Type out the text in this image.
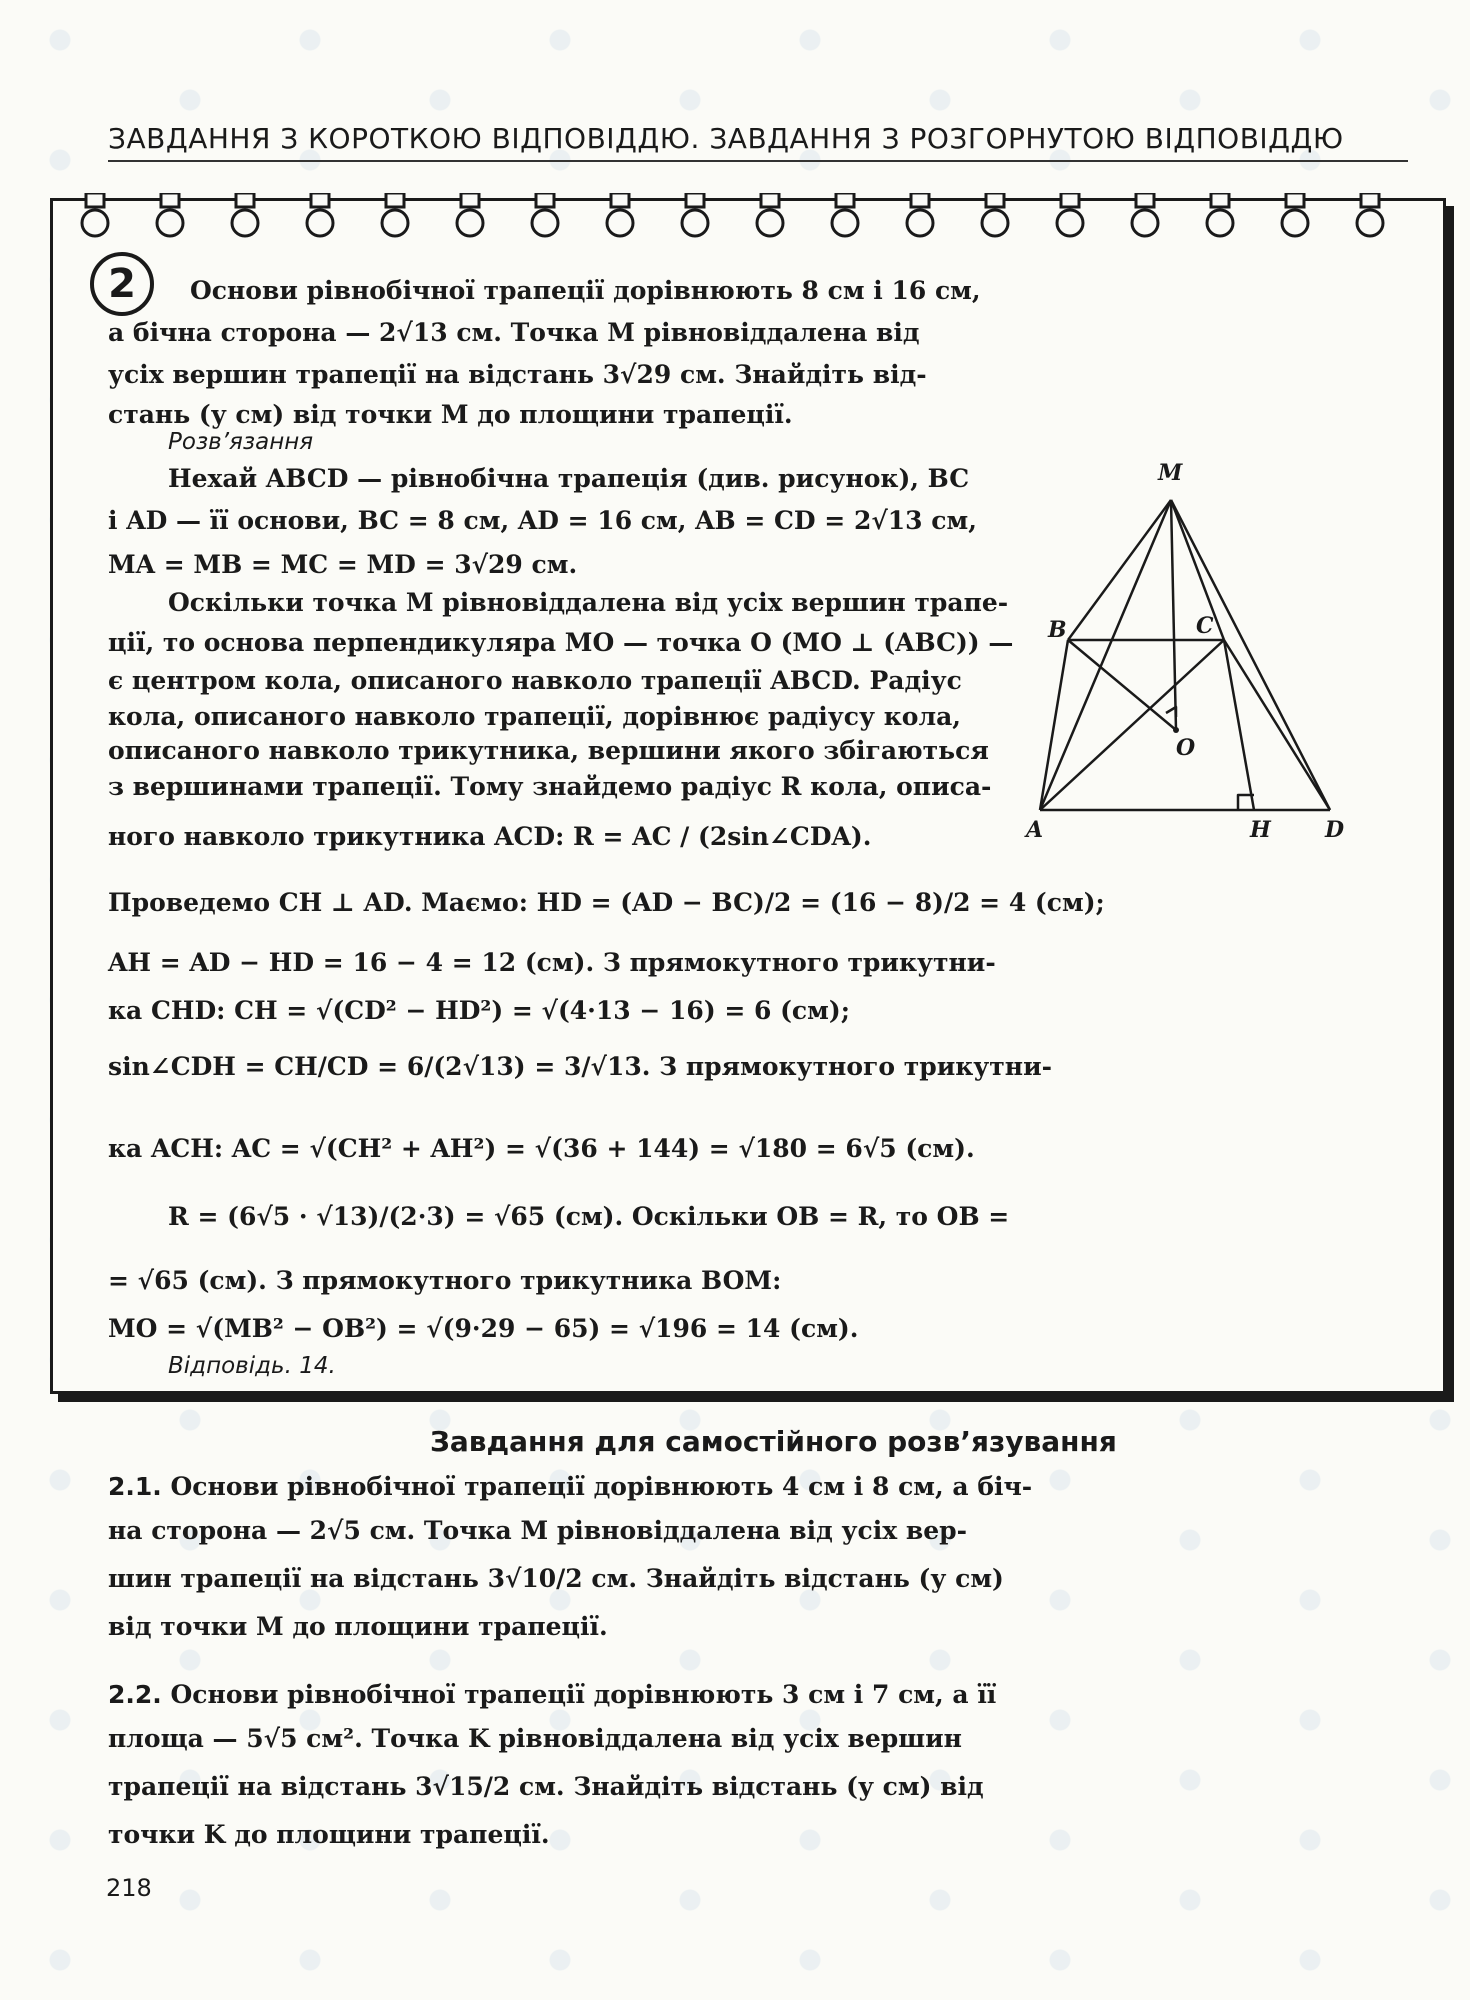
ЗАВДАННЯ З КОРОТКОЮ ВІДПОВІДДЮ. ЗАВДАННЯ З РОЗГОРНУТОЮ ВІДПОВІДДЮ
2	Основи рівнобічної трапеції дорівнюють 8 см і 16 см,
а бічна сторона — 2√13 см. Точка M рівновіддалена від
усіх вершин трапеції на відстань 3√29 см. Знайдіть від-
стань (у см) від точки M до площини трапеції.
Розв’язання
Нехай ABCD — рівнобічна трапеція (див. рисунок), BC
і AD — її основи, BC = 8 см, AD = 16 см, AB = CD = 2√13 см,
MA = MB = MC = MD = 3√29 см.
Оскільки точка M рівновіддалена від усіх вершин трапе-
ції, то основа перпендикуляра MO — точка O (MO ⊥ (ABC)) —
є центром кола, описаного навколо трапеції ABCD. Радіус
кола, описаного навколо трапеції, дорівнює радіусу кола,
описаного навколо трикутника, вершини якого збігаються
з вершинами трапеції. Тому знайдемо радіус R кола, описа-
ного навколо трикутника ACD: R = AC / (2sin∠CDA).
Проведемо CH ⊥ AD. Маємо: HD = (AD − BC)/2 = (16 − 8)/2 = 4 (см);
AH = AD − HD = 16 − 4 = 12 (см). З прямокутного трикутни-
ка CHD: CH = √(CD² − HD²) = √(4·13 − 16) = 6 (см);
sin∠CDH = CH/CD = 6/(2√13) = 3/√13. З прямокутного трикутни-
ка ACH: AC = √(CH² + AH²) = √(36 + 144) = √180 = 6√5 (см).
R = (6√5 · √13)/(2·3) = √65 (см). Оскільки OB = R, то OB =
= √65 (см). З прямокутного трикутника BOM:
MO = √(MB² − OB²) = √(9·29 − 65) = √196 = 14 (см).
Відповідь. 14.
M
B	C
O
A	H D
Завдання для самостійного розв’язування
2.1. Основи рівнобічної трапеції дорівнюють 4 см і 8 см, а біч-
на сторона — 2√5 см. Точка M рівновіддалена від усіх вер-
шин трапеції на відстань 3√10/2 см. Знайдіть відстань (у см)
від точки M до площини трапеції.
2.2. Основи рівнобічної трапеції дорівнюють 3 см і 7 см, а її
площа — 5√5 см². Точка K рівновіддалена від усіх вершин
трапеції на відстань 3√15/2 см. Знайдіть відстань (у см) від
точки K до площини трапеції.
218
